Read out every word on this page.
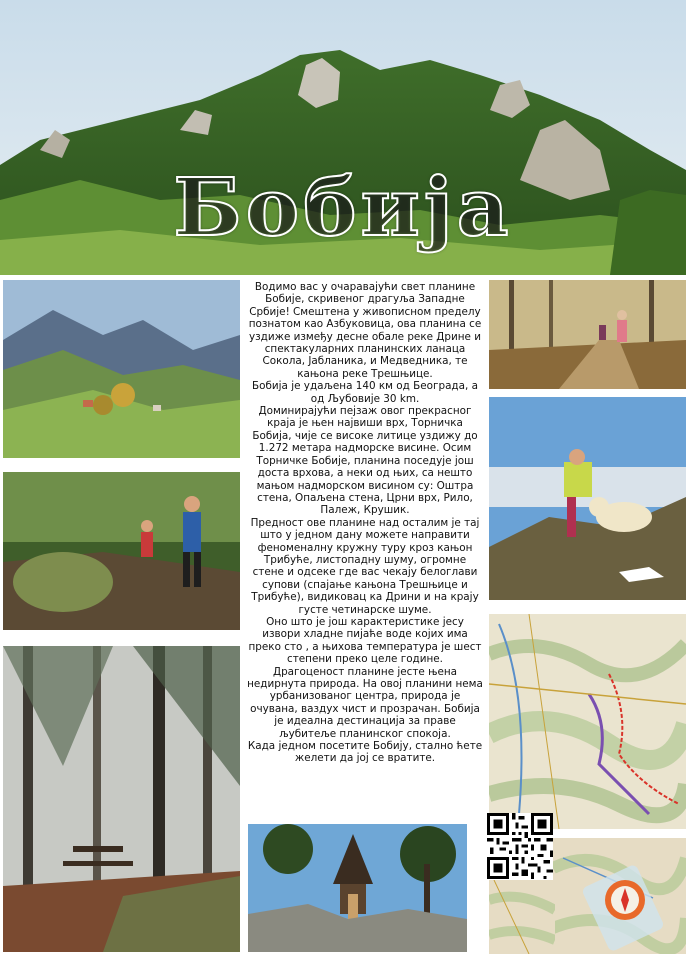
Бобија

Водимо вас у очаравајући свет планине Бобије, скривеног драгуља Западне Србије! Смештена у живописном пределу познатом као Азбуковица, ова планина се уздиже између десне обале реке Дрине и спектакуларних планинских ланаца Сокола, Јабланика, и Медведника, те кањона реке Трешњице.

Бобија је удаљена 140 км од Београда, а од Љубовије 30 km.

Доминирајући пејзаж овог прекрасног краја је њен највиши врх, Торничка Бобија, чије се високе литице уздижу до 1.272 метара надморске висине. Осим Торничке Бобије, планина поседује још доста врхова, а неки од њих, са нешто мањом надморском висином су: Оштра стена, Опаљена стена, Црни врх, Рило, Палеж, Крушик.

Предност ове планине над осталим је тај што у једном дану можете направити феноменалну кружну туру кроз кањон Трибуће, листопадну шуму, огромне стене и одсеке где вас чекају белоглави супови (спајање кањона Трешњице и Трибуће), видиковац ка Дрини и на крају густе четинарске шуме.

Оно што је још карактеристике јесу извори хладне пијаће воде којих има преко сто , а њихова температура је шест степени преко целе године.

Драгоценост планине јесте њена недирнута природа. На овој планини нема урбанизованог центра, природа је очувана, ваздух чист и прозрачан. Бобија је идеална дестинација за праве љубитеље планинског спокоја.

Када једном посетите Бобију, стално ћете желети да јој се вратите.
